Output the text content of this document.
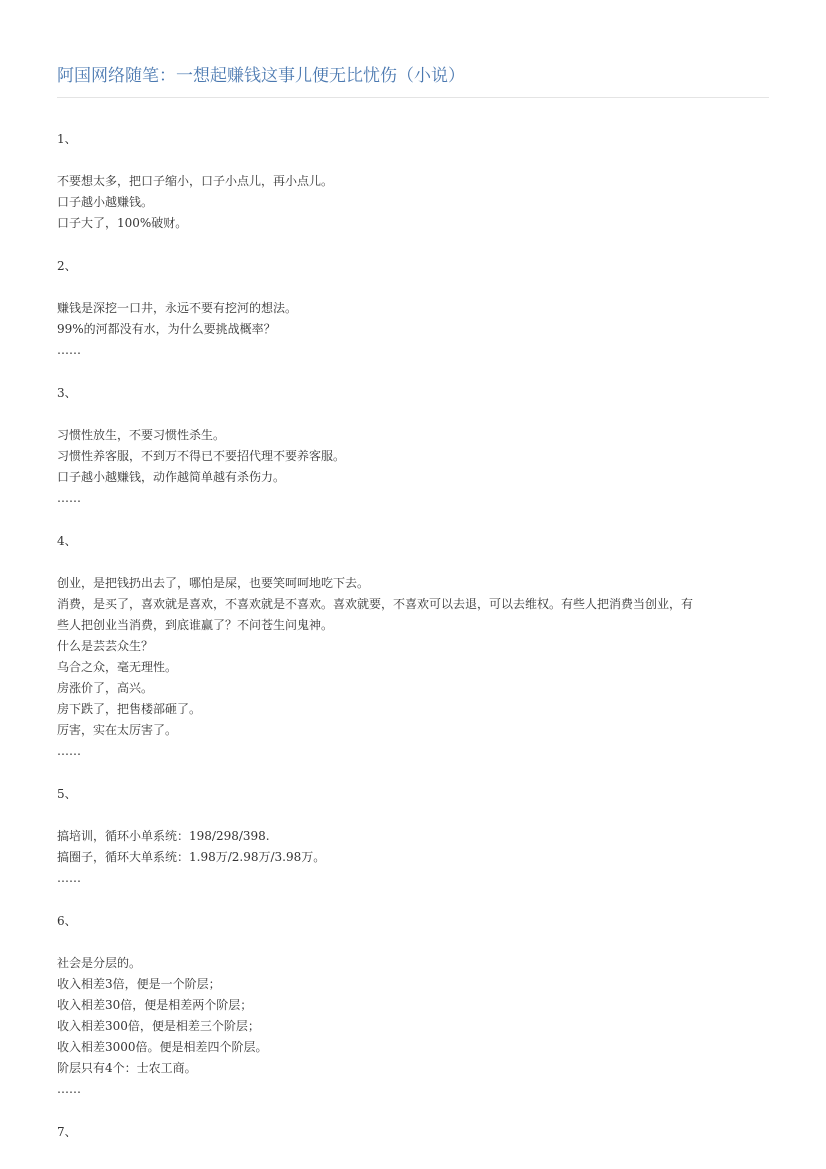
阿国网络随笔：一想起赚钱这事儿便无比忧伤（小说）
1、
不要想太多，把口子缩小，口子小点儿，再小点儿。
口子越小越赚钱。
口子大了，100%破财。
2、
赚钱是深挖一口井，永远不要有挖河的想法。
99%的河都没有水，为什么要挑战概率？
……
3、
习惯性放生，不要习惯性杀生。
习惯性养客服，不到万不得已不要招代理不要养客服。
口子越小越赚钱，动作越简单越有杀伤力。
……
4、
创业，是把钱扔出去了，哪怕是屎，也要笑呵呵地吃下去。
消费，是买了，喜欢就是喜欢，不喜欢就是不喜欢。喜欢就要，不喜欢可以去退，可以去维权。有些人把消费当创业，有
些人把创业当消费，到底谁赢了？不问苍生问鬼神。
什么是芸芸众生？
乌合之众，毫无理性。
房涨价了，高兴。
房下跌了，把售楼部砸了。
厉害，实在太厉害了。
……
5、
搞培训，循环小单系统：198/298/398.
搞圈子，循环大单系统：1.98万/2.98万/3.98万。
……
6、
社会是分层的。
收入相差3倍，便是一个阶层；
收入相差30倍，便是相差两个阶层；
收入相差300倍，便是相差三个阶层；
收入相差3000倍。便是相差四个阶层。
阶层只有4个：士农工商。
……
7、
